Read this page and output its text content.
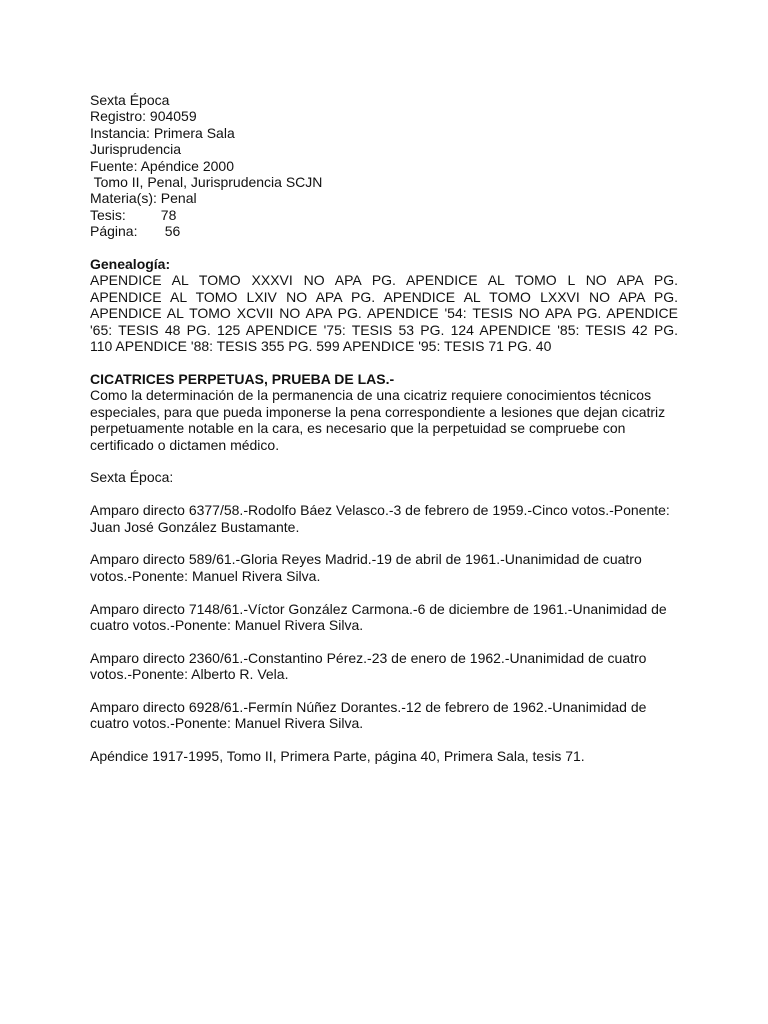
Sexta Época
Registro: 904059
Instancia: Primera Sala
Jurisprudencia
Fuente: Apéndice 2000
Tomo II, Penal, Jurisprudencia SCJN
Materia(s): Penal
Tesis:         78
Página:       56
Genealogía:
APENDICE AL TOMO XXXVI NO APA PG. APENDICE AL TOMO L NO APA PG.
APENDICE AL TOMO LXIV NO APA PG. APENDICE AL TOMO LXXVI NO APA PG.
APENDICE AL TOMO XCVII NO APA PG. APENDICE '54: TESIS NO APA PG. APENDICE
'65: TESIS 48 PG. 125 APENDICE '75: TESIS 53 PG. 124 APENDICE '85: TESIS 42 PG.
110 APENDICE '88: TESIS 355 PG. 599 APENDICE '95: TESIS 71 PG. 40
CICATRICES PERPETUAS, PRUEBA DE LAS.-
Como la determinación de la permanencia de una cicatriz requiere conocimientos técnicos especiales, para que pueda imponerse la pena correspondiente a lesiones que dejan cicatriz perpetuamente notable en la cara, es necesario que la perpetuidad se compruebe con certificado o dictamen médico.
Sexta Época:
Amparo directo 6377/58.-Rodolfo Báez Velasco.-3 de febrero de 1959.-Cinco votos.-Ponente: Juan José González Bustamante.
Amparo directo 589/61.-Gloria Reyes Madrid.-19 de abril de 1961.-Unanimidad de cuatro votos.-Ponente: Manuel Rivera Silva.
Amparo directo 7148/61.-Víctor González Carmona.-6 de diciembre de 1961.-Unanimidad de cuatro votos.-Ponente: Manuel Rivera Silva.
Amparo directo 2360/61.-Constantino Pérez.-23 de enero de 1962.-Unanimidad de cuatro votos.-Ponente: Alberto R. Vela.
Amparo directo 6928/61.-Fermín Núñez Dorantes.-12 de febrero de 1962.-Unanimidad de cuatro votos.-Ponente: Manuel Rivera Silva.
Apéndice 1917-1995, Tomo II, Primera Parte, página 40, Primera Sala, tesis 71.
